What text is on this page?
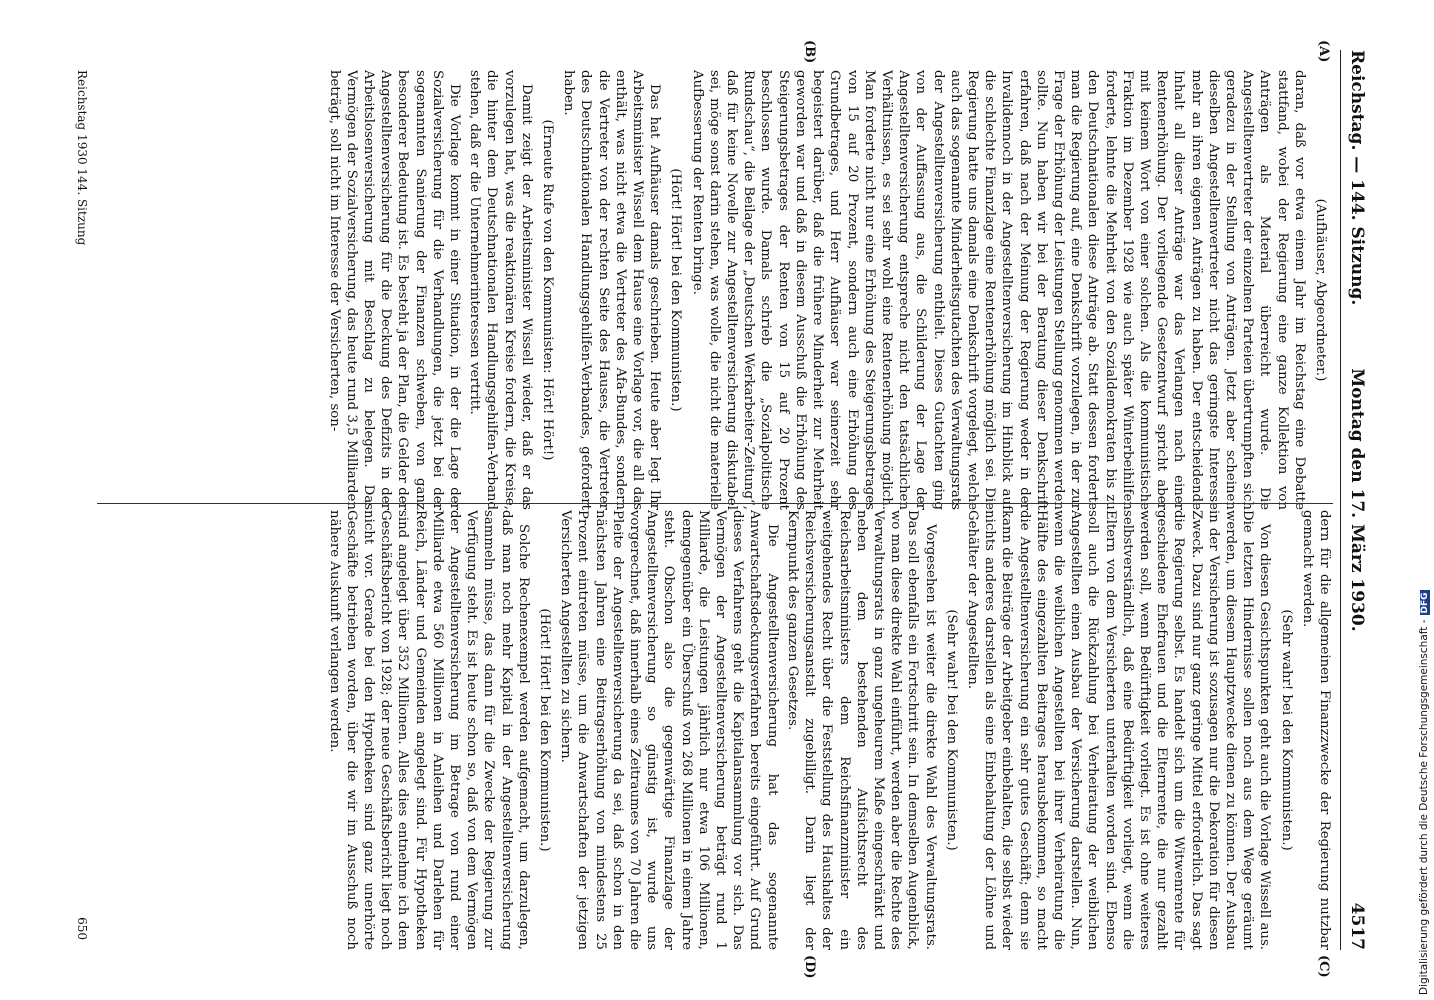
Reichstag. — 144. Sitzung.
Montag den 17. März 1930.
4517
(A)
(B)
(C)
(D)

(Aufhäuser, Abgeordneter.)

daran, daß vor etwa einem Jahr im Reichstag eine Debatte stattfand, wobei der Regierung eine ganze Kollektion von Anträgen als Material überreicht wurde. Die Angestelltenvertreter der einzelnen Parteien übertrumpften sich geradezu in der Stellung von Anträgen. Jetzt aber scheinen dieselben Angestelltenvertreter nicht das geringste Interesse mehr an ihren eigenen Anträgen zu haben. Der entscheidende Inhalt all dieser Anträge war das Verlangen nach einer Rentenerhöhung. Der vorliegende Gesetzentwurf spricht aber mit keinem Wort von einer solchen. Als die kommunistische Fraktion im Dezember 1928 wie auch später Winterbeihilfen forderte, lehnte die Mehrheit von den Sozialdemokraten bis zu den Deutschnationalen diese Anträge ab. Statt dessen forderte man die Regierung auf, eine Denkschrift vorzulegen, in der zur Frage der Erhöhung der Leistungen Stellung genommen werden sollte. Nun haben wir bei der Beratung dieser Denkschrift erfahren, daß nach der Meinung der Regierung weder in der Invalidennoch in der Angestelltenversicherung im Hinblick auf die schlechte Finanzlage eine Rentenerhöhung möglich sei. Die Regierung hatte uns damals eine Denkschrift vorgelegt, welche auch das sogenannte Minderheitsgutachten des Verwaltungsrats der Angestelltenversicherung enthielt. Dieses Gutachten ging von der Auffassung aus, die Schilderung der Lage der Angestelltenversicherung entspreche nicht den tatsächlichen Verhältnissen, es sei sehr wohl eine Rentenerhöhung möglich. Man forderte nicht nur eine Erhöhung des Steigerungsbetrages von 15 auf 20 Prozent, sondern auch eine Erhöhung des Grundbetrages, und Herr Aufhäuser war seinerzeit sehr begeistert darüber, daß die frühere Minderheit zur Mehrheit geworden war und daß in diesem Ausschuß die Erhöhung des Steigerungsbetrages der Renten von 15 auf 20 Prozent beschlossen wurde. Damals schrieb die „Sozialpolitische Rundschau“, die Beilage der „Deutschen Werkarbeiter-Zeitung“, daß für keine Novelle zur Angestelltenversicherung diskutabel sei, möge sonst darin stehen, was wolle, die nicht die materielle Aufbesserung der Renten bringe.

(Hört! Hört! bei den Kommunisten.)

Das hat Aufhäuser damals geschrieben. Heute aber legt Ihr Arbeitsminister Wissell dem Hause eine Vorlage vor, die all das enthält, was nicht etwa die Vertreter des Afa-Bundes, sondern die Vertreter von der rechten Seite des Hauses, die Vertreter des Deutschnationalen Handlungsgehilfen-Verbandes, gefordert haben.

(Erneute Rufe von den Kommunisten: Hört! Hört!)

Damit zeigt der Arbeitsminister Wissell wieder, daß er das vorzulegen hat, was die reaktionären Kreise fordern, die Kreise, die hinter dem Deutschnationalen Handlungsgehilfen-Verband stehen, daß er die Unternehmerinteressen vertritt.

Die Vorlage kommt in einer Situation, in der die Lage der Sozialversicherung für die Verhandlungen, die jetzt bei der sogenannten Sanierung der Finanzen schweben, von ganz besonderer Bedeutung ist. Es besteht ja der Plan, die Gelder der Angestelltenversicherung für die Deckung des Defizits in der Arbeitslosenversicherung mit Beschlag zu belegen. Das Vermögen der Sozialversicherung, das heute rund 3,5 Milliarden beträgt, soll nicht im Interesse der Versicherten, son-

dern für die allgemeinen Finanzzwecke der Regierung nutzbar gemacht werden.

(Sehr wahr! bei den Kommunisten.)

Von diesen Gesichtspunkten geht auch die Vorlage Wissell aus. Die letzten Hindernisse sollen noch aus dem Wege geräumt werden, um diesem Hauptzwecke dienen zu können. Der Ausbau in der Versicherung ist sozusagen nur die Dekoration für diesen Zweck. Dazu sind nur ganz geringe Mittel erforderlich. Das sagt die Regierung selbst. Es handelt sich um die Witwenrente für geschiedene Ehefrauen und die Elternrente, die nur gezahlt werden soll, wenn Bedürftigkeit vorliegt. Es ist ohne weiteres selbstverständlich, daß eine Bedürftigkeit vorliegt, wenn die Eltern von dem Versicherten unterhalten worden sind. Ebenso soll auch die Rückzahlung bei Verheiratung der weiblichen Angestellten einen Ausbau der Versicherung darstellen. Nun, wenn die weiblichen Angestellten bei ihrer Verheiratung die Hälfte des eingezahlten Beitrages herausbekommen, so macht die Angestelltenversicherung ein sehr gutes Geschäft; denn sie kann die Beiträge der Arbeitgeber einbehalten, die selbst wieder nichts anderes darstellen als eine Einbehaltung der Löhne und Gehälter der Angestellten.

(Sehr wahr! bei den Kommunisten.)

Vorgesehen ist weiter die direkte Wahl des Verwaltungsrats. Das soll ebenfalls ein Fortschritt sein. In demselben Augenblick, wo man diese direkte Wahl einführt, werden aber die Rechte des Verwaltungsrats in ganz ungeheurem Maße eingeschränkt und neben dem bestehenden Aufsichtsrecht des Reichsarbeitsministers dem Reichsfinanzminister ein weitgehendes Recht über die Feststellung des Haushaltes der Reichsversicherungsanstalt zugebilligt. Darin liegt der Kernpunkt des ganzen Gesetzes.

Die Angestelltenversicherung hat das sogenannte Anwartschaftsdeckungsverfahren bereits eingeführt. Auf Grund dieses Verfahrens geht die Kapitalansammlung vor sich. Das Vermögen der Angestelltenversicherung beträgt rund 1 Milliarde, die Leistungen jährlich nur etwa 106 Millionen, demgegenüber ein Überschuß von 268 Millionen in einem Jahre steht. Obschon also die gegenwärtige Finanzlage der Angestelltenversicherung so günstig ist, wurde uns vorgerechnet, daß innerhalb eines Zeitraumes von 70 Jahren die Pleite der Angestelltenversicherung da sei, daß schon in den nächsten Jahren eine Beitragserhöhung von mindestens 25 Prozent eintreten müsse, um die Anwartschaften der jetzigen Versicherten Angestellten zu sichern.

(Hört! Hört! bei den Kommunisten.)

Solche Rechenexempel werden aufgemacht, um darzulegen, daß man noch mehr Kapital in der Angestelltenversicherung sammeln müsse, das dann für die Zwecke der Regierung zur Verfügung steht. Es ist heute schon so, daß von dem Vermögen der Angestelltenversicherung im Betrage von rund einer Milliarde etwa 560 Millionen in Anleihen und Darlehen für Reich, Länder und Gemeinden angelegt sind. Für Hypotheken sind angelegt über 352 Millionen. Alles dies entnehme ich dem Geschäftsbericht von 1928; der neue Geschäftsbericht liegt noch nicht vor. Gerade bei den Hypotheken sind ganz unerhörte Geschäfte betrieben worden, über die wir im Ausschuß noch nähere Auskunft verlangen werden.

Reichstag 1930 144. Sitzung
650	Digitalisierung gefördert durch die Deutsche Forschungsgemeinschaft -DFG
